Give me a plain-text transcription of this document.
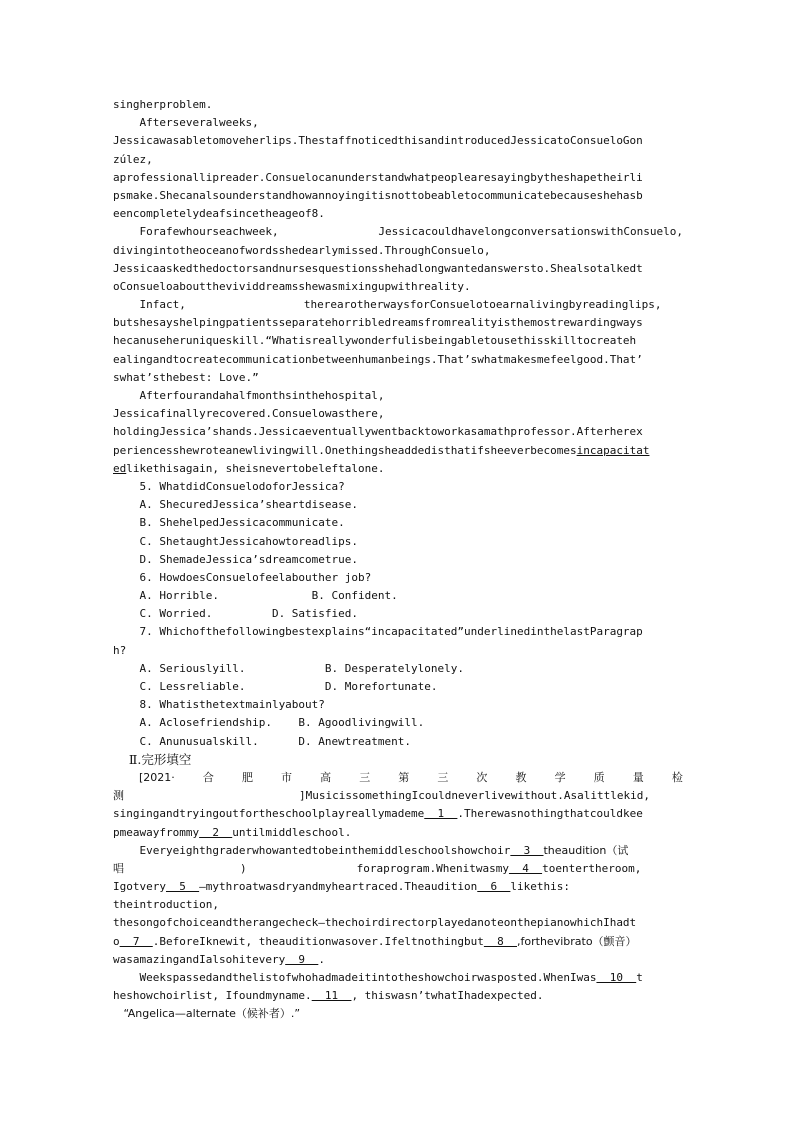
singherproblem.
Afterseveralweeks,
Jessicawasabletomoveherlips.ThestaffnoticedthisandintroducedJessicatoConsueloGon
zúlez,
aprofessionallipreader.Consuelocanunderstandwhatpeoplearesayingbytheshapetheirli
psmake.Shecanalsounderstandhowannoyingitisnottobeabletocommunicatebecauseshehasb
eencompletelydeafsincetheageof8.
Forafewhourseachweek,	JessicacouldhavelongconversationswithConsuelo,
divingintotheoceanofwordsshedearlymissed.ThroughConsuelo,
Jessicaaskedthedoctorsandnursesquestionsshehadlongwantedanswersto.Shealsotalkedt
oConsueloaboutthevividdreamsshewasmixingupwithreality.
Infact,	therearotherwaysforConsuelotoearnalivingbyreadinglips,
butshesayshelpingpatientsseparatehorribledreamsfromrealityisthemostrewardingways
hecanuseheruniqueskill.“Whatisreallywonderfulisbeingabletousethisskilltocreateh
ealingandtocreatecommunicationbetweenhumanbeings.That’swhatmakesmefeelgood.That’
swhat’sthebest: Love.”
Afterfourandahalfmonthsinthehospital,
Jessicafinallyrecovered.Consuelowasthere,
holdingJessica’shands.Jessicaeventuallywentbacktoworkasamathprofessor.Afterherex
periencesshewroteanewlivingwill.Onethingsheaddedisthatifsheeverbecomesincapacitat
edlikethisagain, sheisnevertobeleftalone.
5. WhatdidConsuelodoforJessica?
A. ShecuredJessica’sheartdisease.
B. ShehelpedJessicacommunicate.
C. ShetaughtJessicahowtoreadlips.
D. ShemadeJessica’sdreamcometrue.
6. HowdoesConsuelofeelabouther job?
A. Horrible.              B. Confident.
C. Worried.         D. Satisfied.
7. Whichofthefollowingbestexplains“incapacitated”underlinedinthelastParagrap
h?
A. Seriouslyill.            B. Desperatelylonely.
C. Lessreliable.            D. Morefortunate.
8. Whatisthetextmainlyabout?
A. Aclosefriendship.    B. Agoodlivingwill.
C. Anunusualskill.      D. Anewtreatment.
Ⅱ.完形填空
[2021·	合	肥	市	高	三	第	三	次	教	学	质	量	检
测	]MusicissomethingIcouldneverlivewithout.Asalittlekid,
singingandtryingoutfortheschoolplayreallymademe  1  .Therewasnothingthatcouldkee
pmeawayfrommy  2  untilmiddleschool.
Everyeighthgraderwhowantedtobeinthemiddleschoolshowchoir  3  theaudition（试
唱	)	foraprogram.Whenitwasmy  4  toentertheroom,
Igotvery  5  —mythroatwasdryandmyheartraced.Theaudition  6  likethis:
theintroduction,
thesongofchoiceandtherangecheck—thechoirdirectorplayedanoteonthepianowhichIhadt
o  7  .BeforeIknewit, theauditionwasover.Ifeltnothingbut  8  ,forthevibrato（颤音）
wasamazingandIalsohitevery  9  .
Weekspassedandthelistofwhohadmadeitintotheshowchoirwasposted.WhenIwas  10  t
heshowchoirlist, Ifoundmyname.  11  , thiswasn’twhatIhadexpected.
“Angelica—alternate（候补者）.”
